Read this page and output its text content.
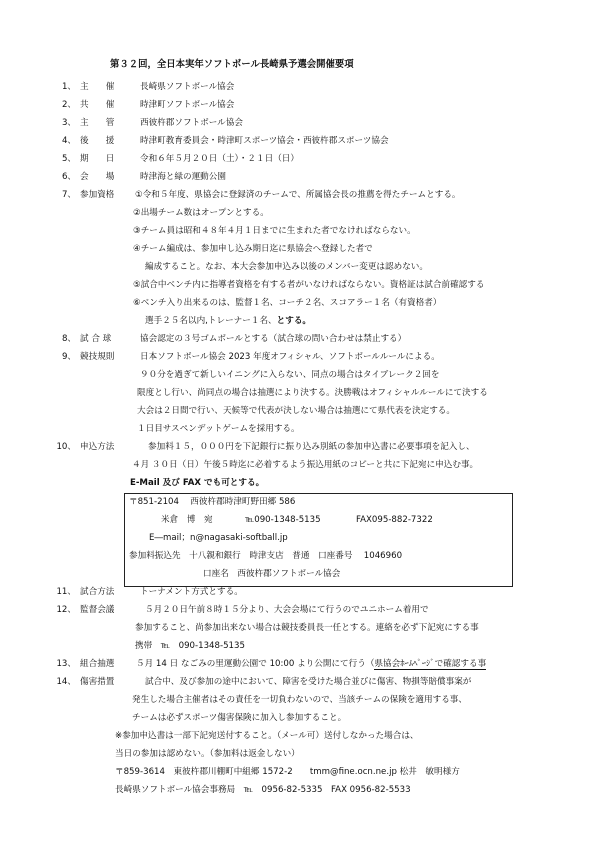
第３２回，全日本実年ソフトボール長崎県予選会開催要項
1、 主　　催	長崎県ソフトボール協会
2、 共　　催	時津町ソフトボール協会
3、 主　　管	西彼杵郡ソフトボール協会
4、 後　　援	時津町教育委員会・時津町スポーツ協会・西彼杵郡スポーツ協会
5、 期　　日	令和６年５月２０日（土）・２１日（日）
6、 会　　場	時津海と緑の運動公園
7、 参加資格 ①令和５年度、県協会に登録済のチームで、所属協会長の推薦を得たチームとする。
②出場チーム数はオープンとする。
③チーム員は昭和４８年４月１日までに生まれた者でなければならない。
④チーム編成は、参加申し込み期日迄に県協会へ登録した者で
編成すること。なお、本大会参加申込み以後のメンバー変更は認めない。
⑤試合中ベンチ内に指導者資格を有する者がいなければならない。資格証は試合前確認する
⑥ベンチ入り出来るのは、監督１名、コーチ２名、スコアラー１名（有資格者）
選手２５名以内,トレーナー１名、とする。
8、 試 合 球	協会認定の３号ゴムボールとする（試合球の問い合わせは禁止する）
9、 競技規則	日本ソフトボール協会 2023 年度オフィシャル、ソフトボールルールによる。
９０分を過ぎて新しいイニングに入らない、同点の場合はタイブレーク２回を
限度とし行い、尚同点の場合は抽選により決する。決勝戦はオフィシャルルールにて決する
大会は２日間で行い、天候等で代表が決しない場合は抽選にて県代表を決定する。
１日目サスペンデットゲームを採用する。
10、 申込方法	参加料１５，０００円を下記銀行に振り込み別紙の参加申込書に必要事項を記入し、
４月 ３０日（日）午後５時迄に必着するよう振込用紙のコピーと共に下記宛に申込む事。
E-Mail 及び FAX でも可とする。
〒851-2104　 西彼杵郡時津町野田郷 586
米倉　博　宛	℡090-1348-5135	FAX095-882-7322
E―mail；n@nagasaki-softball.jp
参加料振込先　十八親和銀行　時津支店　普通　口座番号　 1046960
口座名　西彼杵郡ソフトボール協会
11、 試合方法	トーナメント方式とする。
12、 監督会議	５月２０日午前８時１５分より、大会会場にて行うのでユニホーム着用で
参加すること、尚参加出来ない場合は競技委員長一任とする。連絡を必ず下記宛にする事
携帯　℡　090-1348-5135
13、 組合抽選	５月 14 日 なごみの里運動公園で 10:00 より公開にて行う（県協会ﾎｰﾑﾍﾟｰｼﾞで確認する事
14、 傷害措置	試合中、及び参加の途中において、障害を受けた場合並びに傷害、物損等賠償事案が
発生した場合主催者はその責任を一切負わないので、当該チームの保険を適用する事、
チームは必ずスポーツ傷害保険に加入し参加すること。
※参加申込書は一部下記宛送付すること。（メール可）送付しなかった場合は、
当日の参加は認めない。（参加料は返金しない）
〒859-3614　東彼杵郡川棚町中組郷 1572-2　　tmm@fine.ocn.ne.jp 松井　敏明様方
長崎県ソフトボール協会事務局　℡　0956-82-5335　FAX 0956-82-5533
